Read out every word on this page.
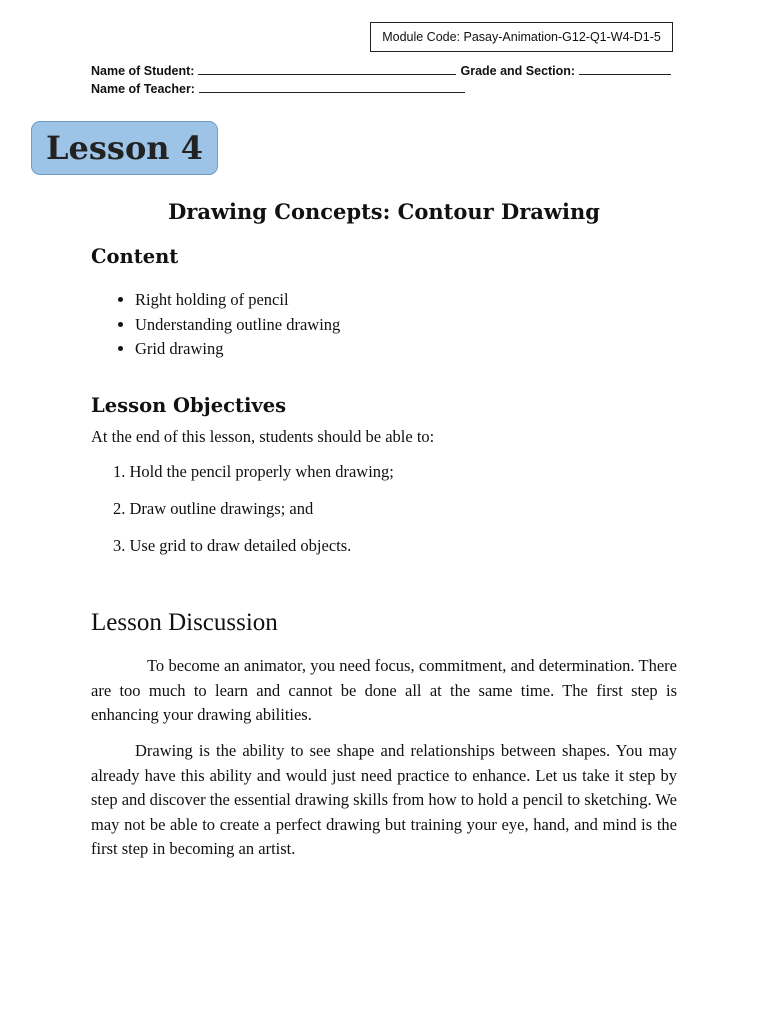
Module Code: Pasay-Animation-G12-Q1-W4-D1-5
Name of Student:	Grade and Section:
Name of Teacher:
Lesson 4
Drawing Concepts: Contour Drawing
Content
• Right holding of pencil
• Understanding outline drawing
• Grid drawing
Lesson Objectives
At the end of this lesson, students should be able to:
1. Hold the pencil properly when drawing;
2. Draw outline drawings; and
3. Use grid to draw detailed objects.
Lesson Discussion

To become an animator, you need focus, commitment, and determination. There are too much to learn and cannot be done all at the same time. The first step is enhancing your drawing abilities.

Drawing is the ability to see shape and relationships between shapes. You may already have this ability and would just need practice to enhance. Let us take it step by step and discover the essential drawing skills from how to hold a pencil to sketching. We may not be able to create a perfect drawing but training your eye, hand, and mind is the first step in becoming an artist.
